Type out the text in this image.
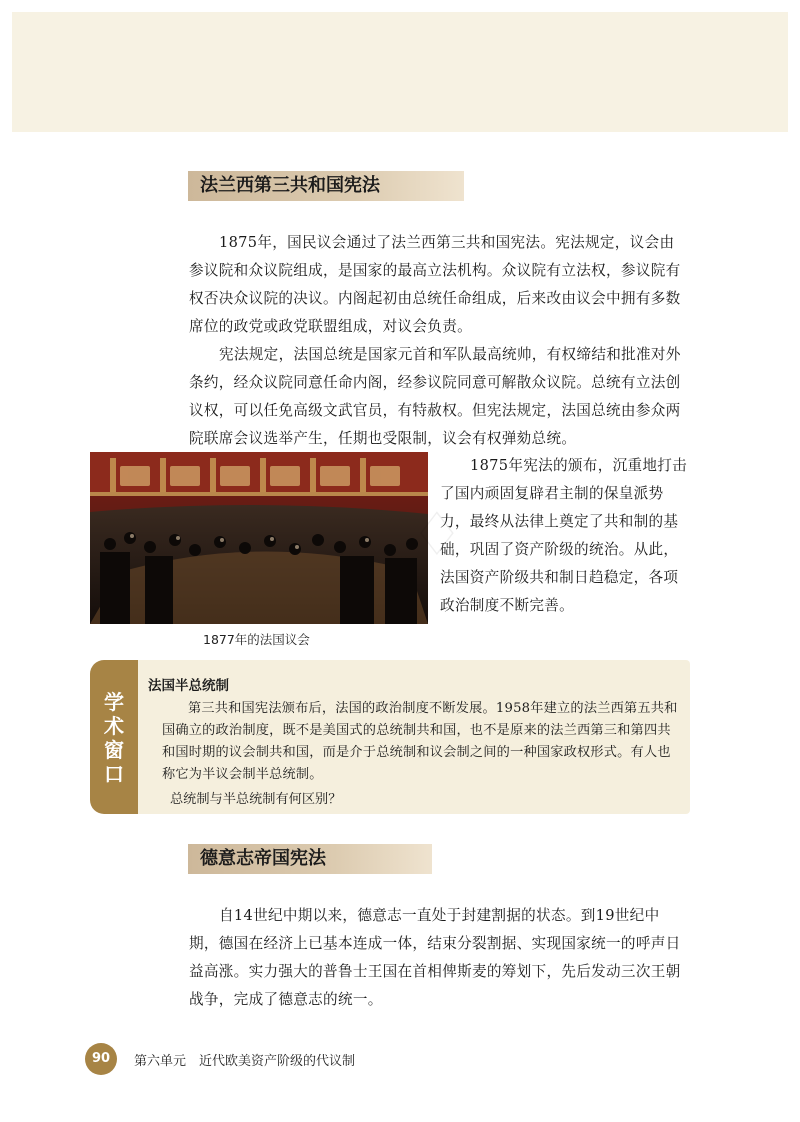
法兰西第三共和国宪法

1875年，国民议会通过了法兰西第三共和国宪法。宪法规定，议会由参议院和众议院组成，是国家的最高立法机构。众议院有立法权，参议院有权否决众议院的决议。内阁起初由总统任命组成，后来改由议会中拥有多数席位的政党或政党联盟组成，对议会负责。

宪法规定，法国总统是国家元首和军队最高统帅，有权缔结和批准对外条约，经众议院同意任命内阁，经参议院同意可解散众议院。总统有立法创议权，可以任免高级文武官员，有特赦权。但宪法规定，法国总统由参众两院联席会议选举产生，任期也受限制，议会有权弹劾总统。

1877年的法国议会

1875年宪法的颁布，沉重地打击了国内顽固复辟君主制的保皇派势力，最终从法律上奠定了共和制的基础，巩固了资产阶级的统治。从此，法国资产阶级共和制日趋稳定，各项政治制度不断完善。

♢
学术窗口
法国半总统制

第三共和国宪法颁布后，法国的政治制度不断发展。1958年建立的法兰西第五共和国确立的政治制度，既不是美国式的总统制共和国，也不是原来的法兰西第三和第四共和国时期的议会制共和国，而是介于总统制和议会制之间的一种国家政权形式。有人也称它为半议会制半总统制。

总统制与半总统制有何区别？
德意志帝国宪法

自14世纪中期以来，德意志一直处于封建割据的状态。到19世纪中期，德国在经济上已基本连成一体，结束分裂割据、实现国家统一的呼声日益高涨。实力强大的普鲁士王国在首相俾斯麦的筹划下，先后发动三次王朝战争，完成了德意志的统一。

90	第六单元　近代欧美资产阶级的代议制
